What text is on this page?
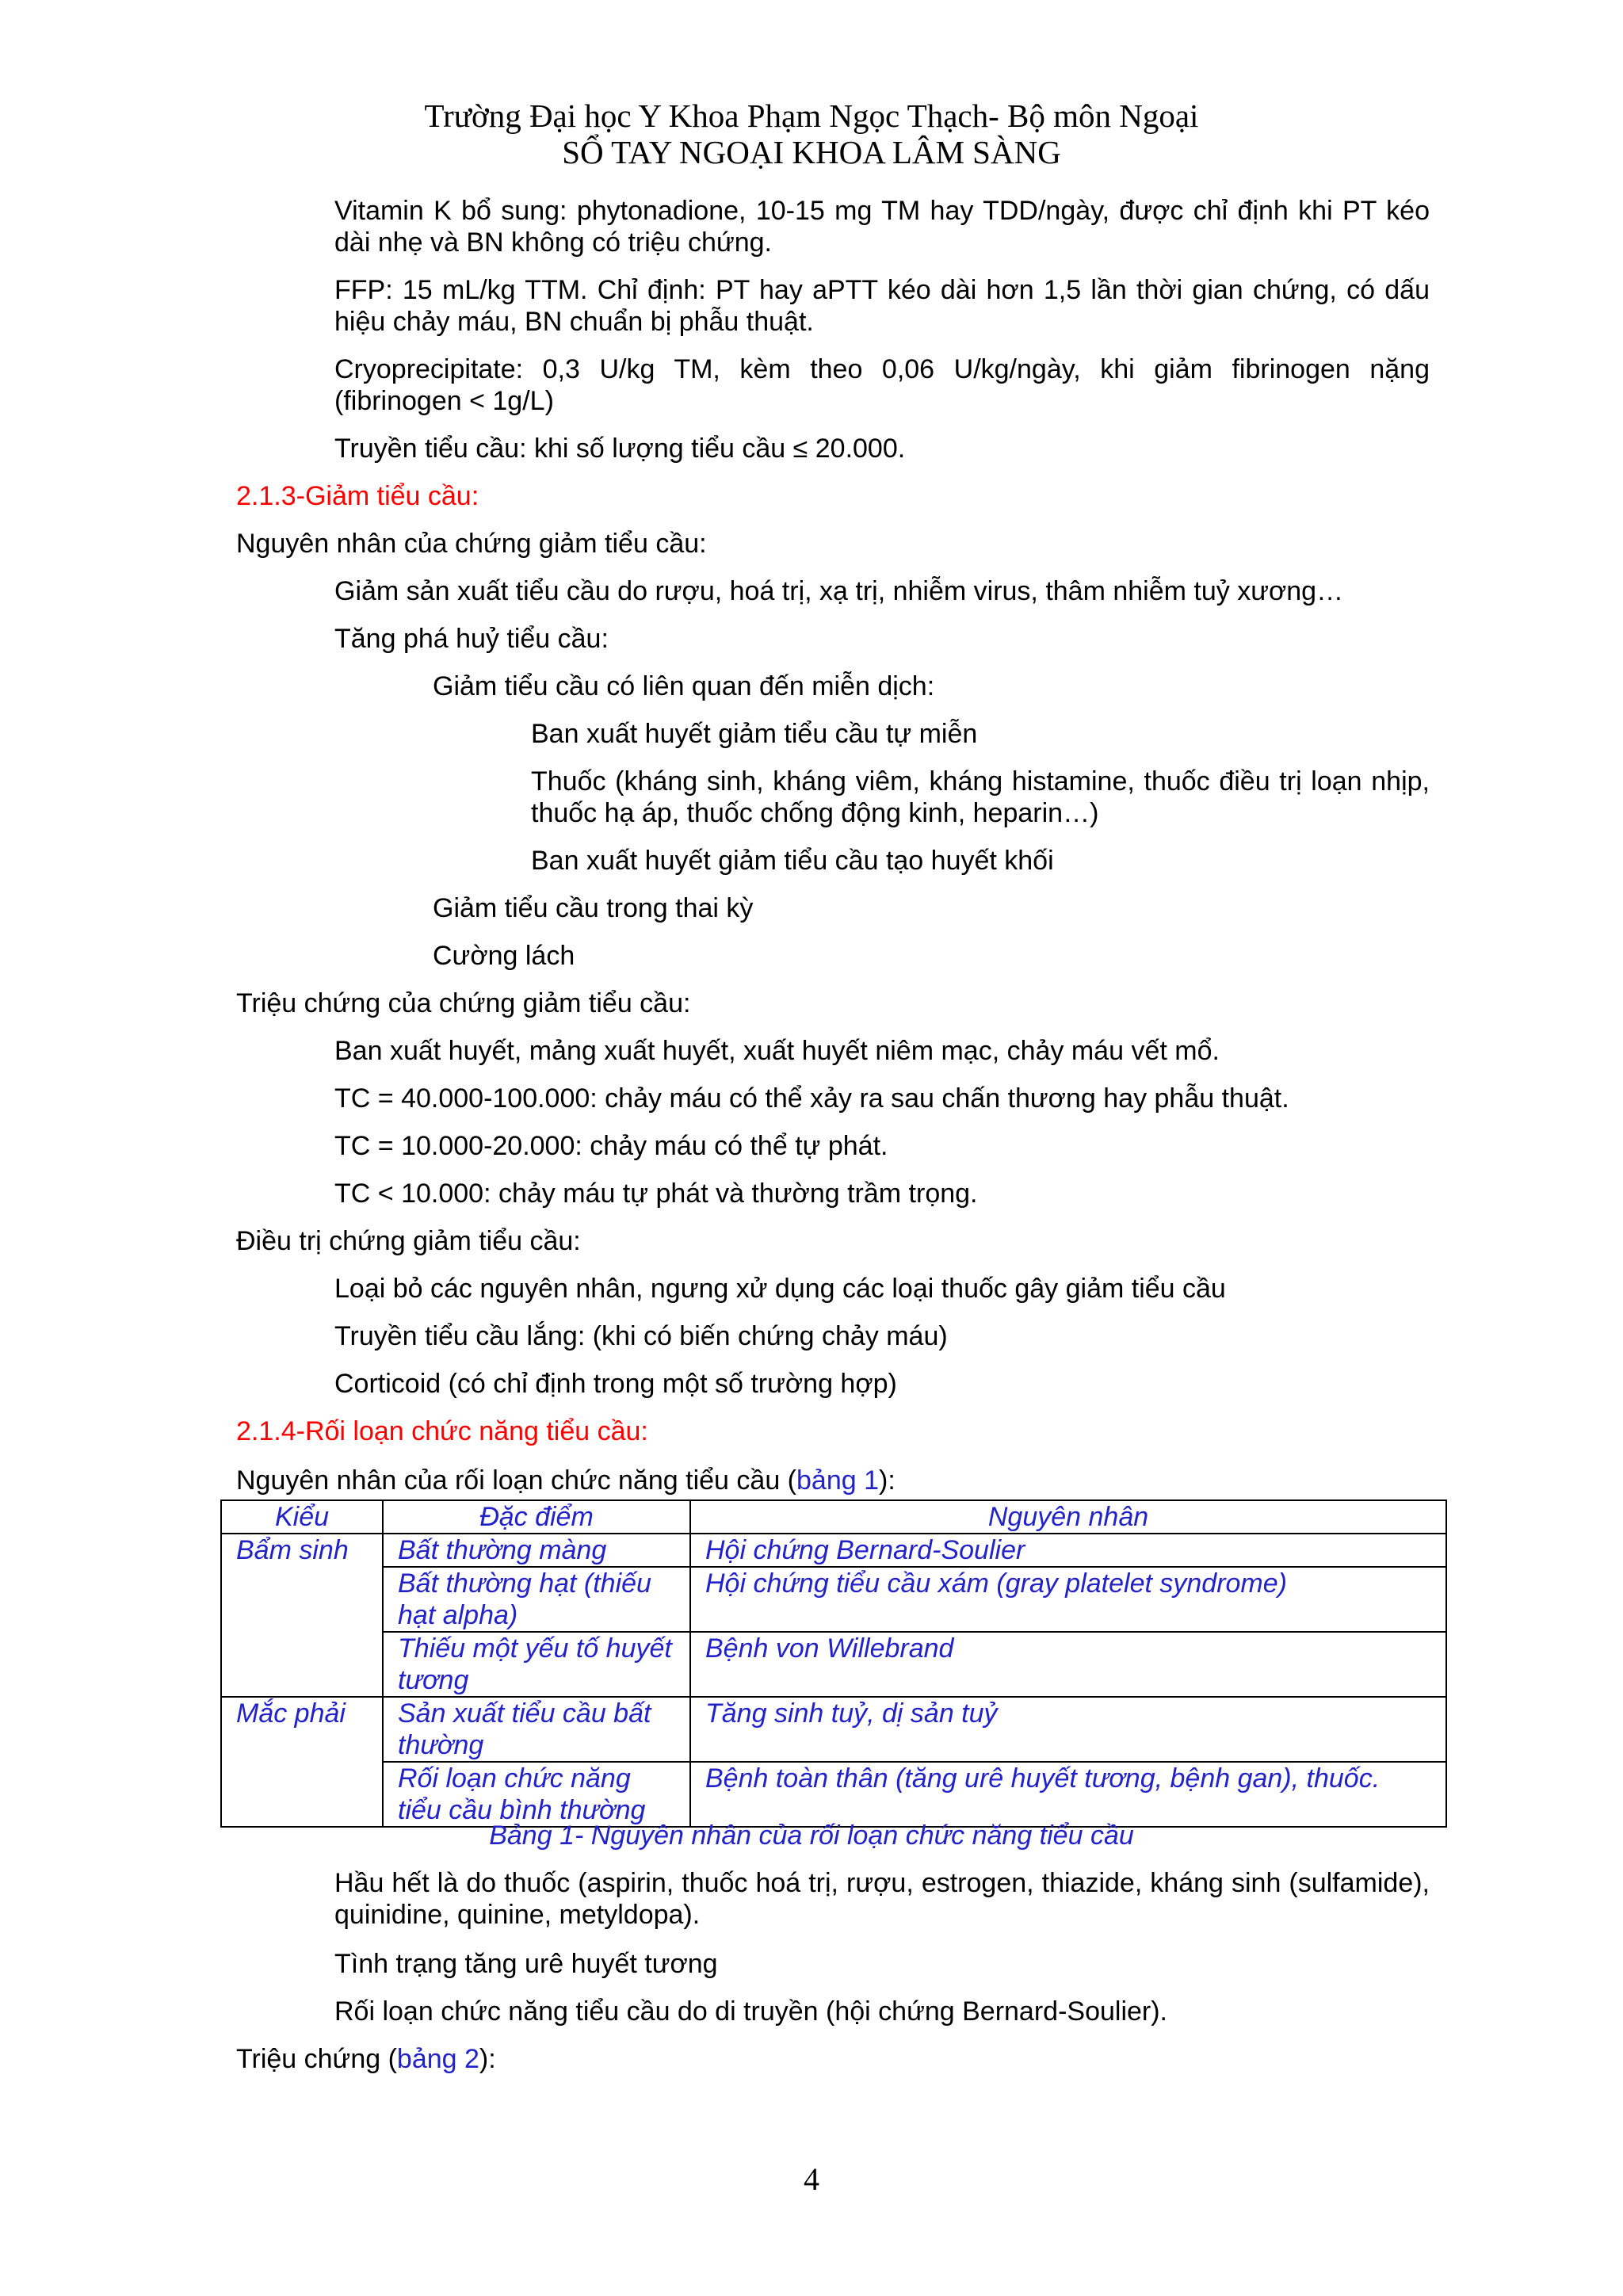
Trường Đại học Y Khoa Phạm Ngọc Thạch- Bộ môn Ngoại
SỔ TAY NGOẠI KHOA LÂM SÀNG
Vitamin K bổ sung: phytonadione, 10-15 mg TM hay TDD/ngày, được chỉ định khi PT kéo dài nhẹ và BN không có triệu chứng.
FFP: 15 mL/kg TTM. Chỉ định: PT hay aPTT kéo dài hơn 1,5 lần thời gian chứng, có dấu hiệu chảy máu, BN chuẩn bị phẫu thuật.
Cryoprecipitate: 0,3 U/kg TM, kèm theo 0,06 U/kg/ngày, khi giảm fibrinogen nặng (fibrinogen < 1g/L)
Truyền tiểu cầu: khi số lượng tiểu cầu ≤ 20.000.
2.1.3-Giảm tiểu cầu:
Nguyên nhân của chứng giảm tiểu cầu:
Giảm sản xuất tiểu cầu do rượu, hoá trị, xạ trị, nhiễm virus, thâm nhiễm tuỷ xương…
Tăng phá huỷ tiểu cầu:
Giảm tiểu cầu có liên quan đến miễn dịch:
Ban xuất huyết giảm tiểu cầu tự miễn
Thuốc (kháng sinh, kháng viêm, kháng histamine, thuốc điều trị loạn nhịp, thuốc hạ áp, thuốc chống động kinh, heparin…)
Ban xuất huyết giảm tiểu cầu tạo huyết khối
Giảm tiểu cầu trong thai kỳ
Cường lách
Triệu chứng của chứng giảm tiểu cầu:
Ban xuất huyết, mảng xuất huyết, xuất huyết niêm mạc, chảy máu vết mổ.
TC = 40.000-100.000: chảy máu có thể xảy ra sau chấn thương hay phẫu thuật.
TC = 10.000-20.000: chảy máu có thể tự phát.
TC < 10.000: chảy máu tự phát và thường trầm trọng.
Điều trị chứng giảm tiểu cầu:
Loại bỏ các nguyên nhân, ngưng xử dụng các loại thuốc gây giảm tiểu cầu
Truyền tiểu cầu lắng: (khi có biến chứng chảy máu)
Corticoid (có chỉ định trong một số trường hợp)
2.1.4-Rối loạn chức năng tiểu cầu:
Nguyên nhân của rối loạn chức năng tiểu cầu (bảng 1):
Kiểu	Đặc điểm	Nguyên nhân
Bẩm sinh	Bất thường màng	Hội chứng Bernard-Soulier
	Bất thường hạt (thiếu hạt alpha)	Hội chứng tiểu cầu xám (gray platelet syndrome)
	Thiếu một yếu tố huyết tương	Bệnh von Willebrand
Mắc phải	Sản xuất tiểu cầu bất thường	Tăng sinh tuỷ, dị sản tuỷ
	Rối loạn chức năng tiểu cầu bình thường	Bệnh toàn thân (tăng urê huyết tương, bệnh gan), thuốc.
Bảng 1- Nguyên nhân của rối loạn chức năng tiểu cầu
Hầu hết là do thuốc (aspirin, thuốc hoá trị, rượu, estrogen, thiazide, kháng sinh (sulfamide), quinidine, quinine, metyldopa).
Tình trạng tăng urê huyết tương
Rối loạn chức năng tiểu cầu do di truyền (hội chứng Bernard-Soulier).
Triệu chứng (bảng 2):
4
